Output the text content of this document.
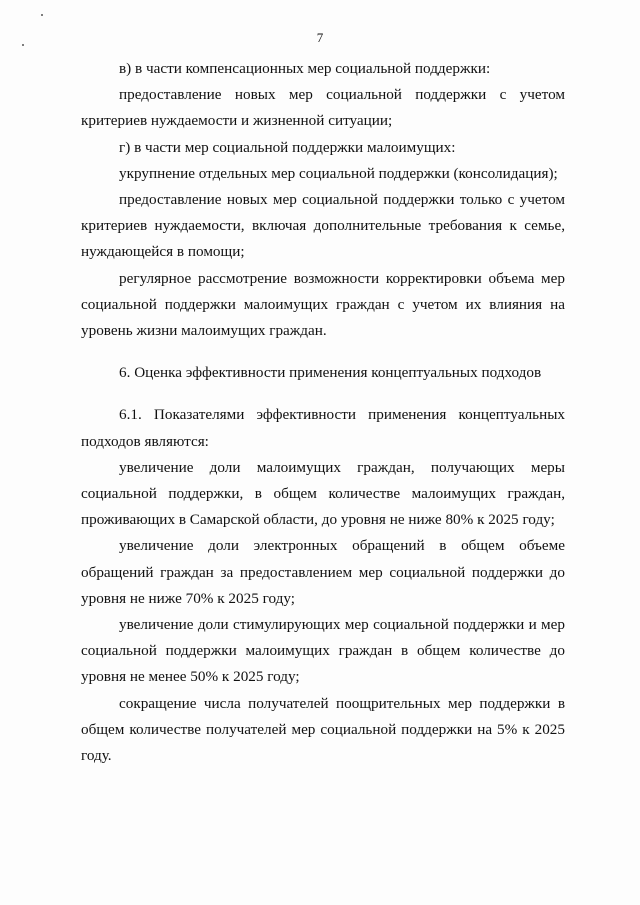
7

в) в части компенсационных мер социальной поддержки:

предоставление новых мер социальной поддержки с учетом критериев нуждаемости и жизненной ситуации;

г) в части мер социальной поддержки малоимущих:

укрупнение отдельных мер социальной поддержки (консолидация);

предоставление новых мер социальной поддержки только с учетом критериев нуждаемости, включая дополнительные требования к семье, нуждающейся в помощи;

регулярное рассмотрение возможности корректировки объема мер социальной поддержки малоимущих граждан с учетом их влияния на уровень жизни малоимущих граждан.

6. Оценка эффективности применения концептуальных подходов

6.1. Показателями эффективности применения концептуальных подходов являются:

увеличение доли малоимущих граждан, получающих меры социальной поддержки, в общем количестве малоимущих граждан, проживающих в Самарской области, до уровня не ниже 80% к 2025 году;

увеличение доли электронных обращений в общем объеме обращений граждан за предоставлением мер социальной поддержки до уровня не ниже 70% к 2025 году;

увеличение доли стимулирующих мер социальной поддержки и мер социальной поддержки малоимущих граждан в общем количестве до уровня не менее 50% к 2025 году;

сокращение числа получателей поощрительных мер поддержки в общем количестве получателей мер социальной поддержки на 5% к 2025 году.
